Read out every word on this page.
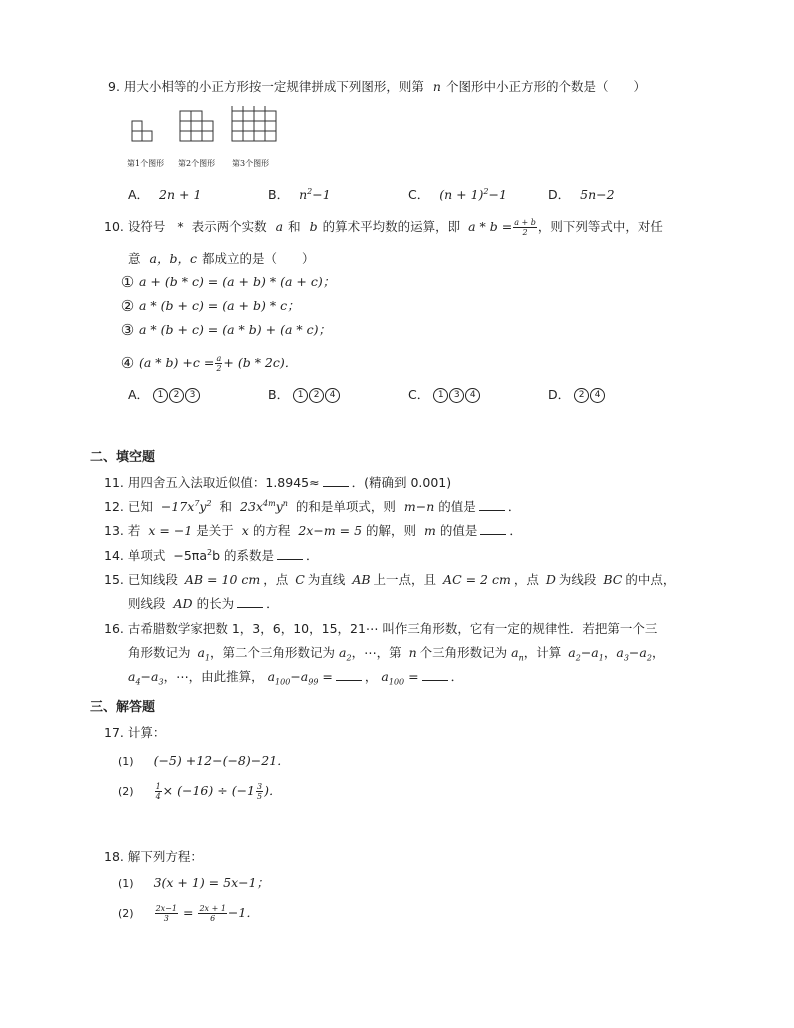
9. 用大小相等的小正方形按一定规律拼成下列图形，则第 n 个图形中小正方形的个数是（　　）
第1个图形 第2个图形 第3个图形
A． 2n + 1	B． $n^2-1$	C． $(n + 1)^2-1$	D． 5n−2
10. 设符号 * 表示两个实数 a 和 b 的算术平均数的运算，即 $a * b = \frac{a + b}{2}$ ，则下列等式中，对任
意 a，b，c 都成立的是（　　）
① a + (b * c) = (a + b) * (a + c)；
② a * (b + c) = (a + b) * c；
③ a * (b + c) = (a * b) + (a * c)；
④ $(a * b) +c = \frac{a}{2} + (b * 2c)$．
A． 1 2 3	B． 1 2 4	C． 1 3 4	D． 2 4
二、填空题
11. 用四舍五入法取近似值：1.8945≈	．(精确到 0.001)
12. 已知 $-17x^7y^2$ 和 $23x^{4m}y^n$ 的和是单项式，则 m−n 的值是	．
13. 若 x = −1 是关于 x 的方程 2x−m = 5 的解，则 m 的值是	．
14. 单项式 $-5\pi a^2b$ 的系数是	．
15. 已知线段 AB = 10 cm ，点 C 为直线 AB 上一点，且 AC = 2 cm ，点 D 为线段 BC 的中点，
则线段 AD 的长为	．
16. 古希腊数学家把数 1，3，6，10，15，21⋯ 叫作三角形数，它有一定的规律性．若把第一个三
角形数记为 $a_1$，第二个三角形数记为 $a_2$，⋯，第 n 个三角形数记为 $a_n$，计算 $a_2-a_1$，$a_3-a_2$，
$a_4-a_3$，⋯，由此推算， $a_{100}-a_{99}$ =	， $a_{100}$ =	．
三、解答题
17. 计算：
(1) (−5) +12−(−8)−21．
(2)	$\frac{1}{4} \times (-16) \div (-1 \frac{3}{5}$ )．
18. 解下列方程：
(1) 3(x + 1) = 5x−1；
(2)	$\frac{2x-1}{3} = \frac{2x + 1}{6} -1$．
